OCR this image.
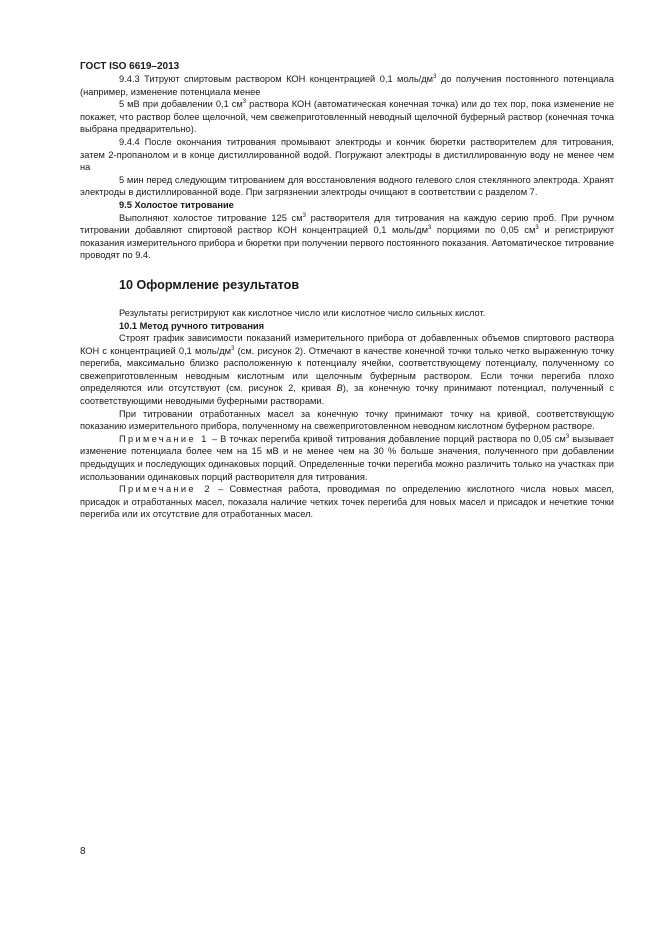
ГОСТ ISO 6619–2013

9.4.3 Титруют спиртовым раствором КОН концентрацией 0,1 моль/$дм^3$ до получения постоянного потенциала (например, изменение потенциала менее

5 мВ при добавлении 0,1 $см^3$ раствора КОН (автоматическая конечная точка) или до тех пор, пока изменение не покажет, что раствор более щелочной, чем свежеприготовленный неводный щелочной буферный раствор (конечная точка выбрана предварительно).

9.4.4 После окончания титрования промывают электроды и кончик бюретки растворителем для титрования, затем 2-пропанолом и в конце дистиллированной водой. Погружают электроды в дистиллированную воду не менее чем на

5 мин перед следующим титрованием для восстановления водного гелевого слоя стеклянного электрода. Хранят электроды в дистиллированной воде. При загрязнении электроды очищают в соответствии с разделом 7.

9.5 Холостое титрование

Выполняют холостое титрование 125 $см^3$ растворителя для титрования на каждую серию проб. При ручном титровании добавляют спиртовой раствор КОН концентрацией 0,1 моль/$дм^3$ порциями по 0,05 $см^3$ и регистрируют показания измерительного прибора и бюретки при получении первого постоянного показания. Автоматическое титрование проводят по 9.4.

10 Оформление результатов

Результаты регистрируют как кислотное число или кислотное число сильных кислот.

10.1 Метод ручного титрования

Строят график зависимости показаний измерительного прибора от добавленных объемов спиртового раствора КОН с концентрацией 0,1 моль/$дм^3$ (см. рисунок 2). Отмечают в качестве конечной точки только четко выраженную точку перегиба, максимально близко расположенную к потенциалу ячейки, соответствующему потенциалу, полученному со свежеприготовленным неводным кислотным или щелочным буферным раствором. Если точки перегиба плохо определяются или отсутствуют (см. рисунок 2, кривая B), за конечную точку принимают потенциал, полученный с соответствующими неводными буферными растворами.

При титровании отработанных масел за конечную точку принимают точку на кривой, соответствующую показанию измерительного прибора, полученному на свежеприготовленном неводном кислотном буферном растворе.

Примечание 1 – В точках перегиба кривой титрования добавление порций раствора по 0,05 $см^3$ вызывает изменение потенциала более чем на 15 мВ и не менее чем на 30 % больше значения, полученного при добавлении предыдущих и последующих одинаковых порций. Определенные точки перегиба можно различить только на участках при использовании одинаковых порций растворителя для титрования.

Примечание 2 – Совместная работа, проводимая по определению кислотного числа новых масел, присадок и отработанных масел, показала наличие четких точек перегиба для новых масел и присадок и нечеткие точки перегиба или их отсутствие для отработанных масел.

8
